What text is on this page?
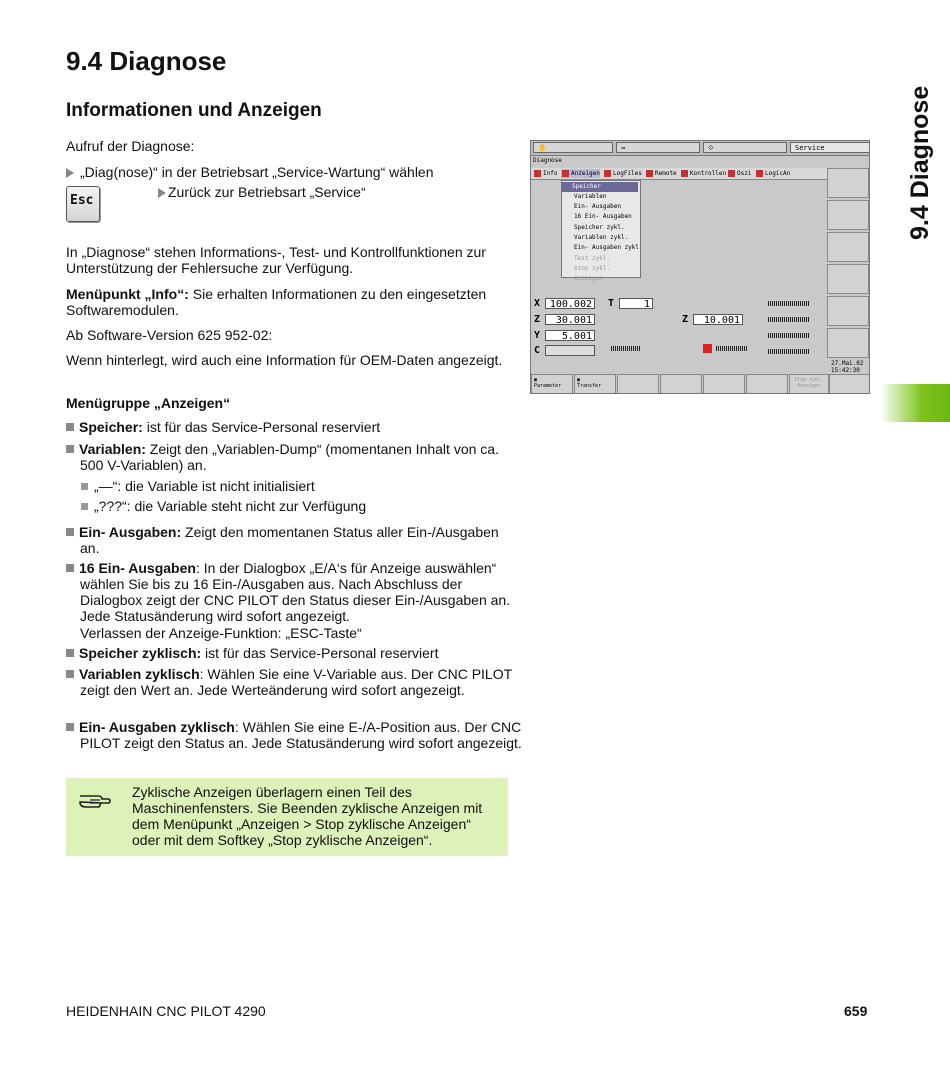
9.4 Diagnose
Informationen und Anzeigen
Aufruf der Diagnose:
„Diag(nose)“ in der Betriebsart „Service-Wartung“ wählen
Esc
Zurück zur Betriebsart „Service“
In „Diagnose“ stehen Informations-, Test- und Kontrollfunktionen zur Unterstützung der Fehlersuche zur Verfügung.
Menüpunkt „Info“: Sie erhalten Informationen zu den eingesetzten Softwaremodulen.
Ab Software-Version 625 952-02:
Wenn hinterlegt, wird auch eine Information für OEM-Daten angezeigt.
Menügruppe „Anzeigen“
Speicher: ist für das Service-Personal reserviert
Variablen: Zeigt den „Variablen-Dump“ (momentanen Inhalt von ca. 500 V-Variablen) an.
„—“: die Variable ist nicht initialisiert
„???“: die Variable steht nicht zur Verfügung
Ein- Ausgaben: Zeigt den momentanen Status aller Ein-/Ausgaben an.
16 Ein- Ausgaben: In der Dialogbox „E/A‘s für Anzeige auswählen“ wählen Sie bis zu 16 Ein-/Ausgaben aus. Nach Abschluss der Dialogbox zeigt der CNC PILOT den Status dieser Ein-/Ausgaben an. Jede Statusänderung wird sofort angezeigt.
Verlassen der Anzeige-Funktion: „ESC-Taste“
Speicher zyklisch: ist für das Service-Personal reserviert
Variablen zyklisch: Wählen Sie eine V-Variable aus. Der CNC PILOT zeigt den Wert an. Jede Werteänderung wird sofort angezeigt.
Ein- Ausgaben zyklisch: Wählen Sie eine E-/A-Position aus. Der CNC PILOT zeigt den Status an. Jede Statusänderung wird sofort angezeigt.
Zyklische Anzeigen überlagern einen Teil des Maschinenfensters. Sie Beenden zyklische Anzeigen mit dem Menüpunkt „Anzeigen > Stop zyklische Anzeigen“ oder mit dem Softkey „Stop zyklische Anzeigen“.
✋	⇛	⟐	Service
Diagnose
Info	Anzeigen	LogFiles	Remote	Kontrollen	Oszi	LogicAn
Speicher
Variablen
Ein- Ausgaben
16 Ein- Ausgaben
Speicher zykl.
Variablen zykl.
Ein- Ausgaben zykl
Test zykl.
Stop zykl. Anzeigen
X 100.002
Z	30.001
Y	5.001
C
T	1
Z	10.001
27.Mai.02
15:42:30
▣
Parameter
▣
Transfer
Stop zykl. Anzeigen
9.4 Diagnose
HEIDENHAIN CNC PILOT 4290	659
